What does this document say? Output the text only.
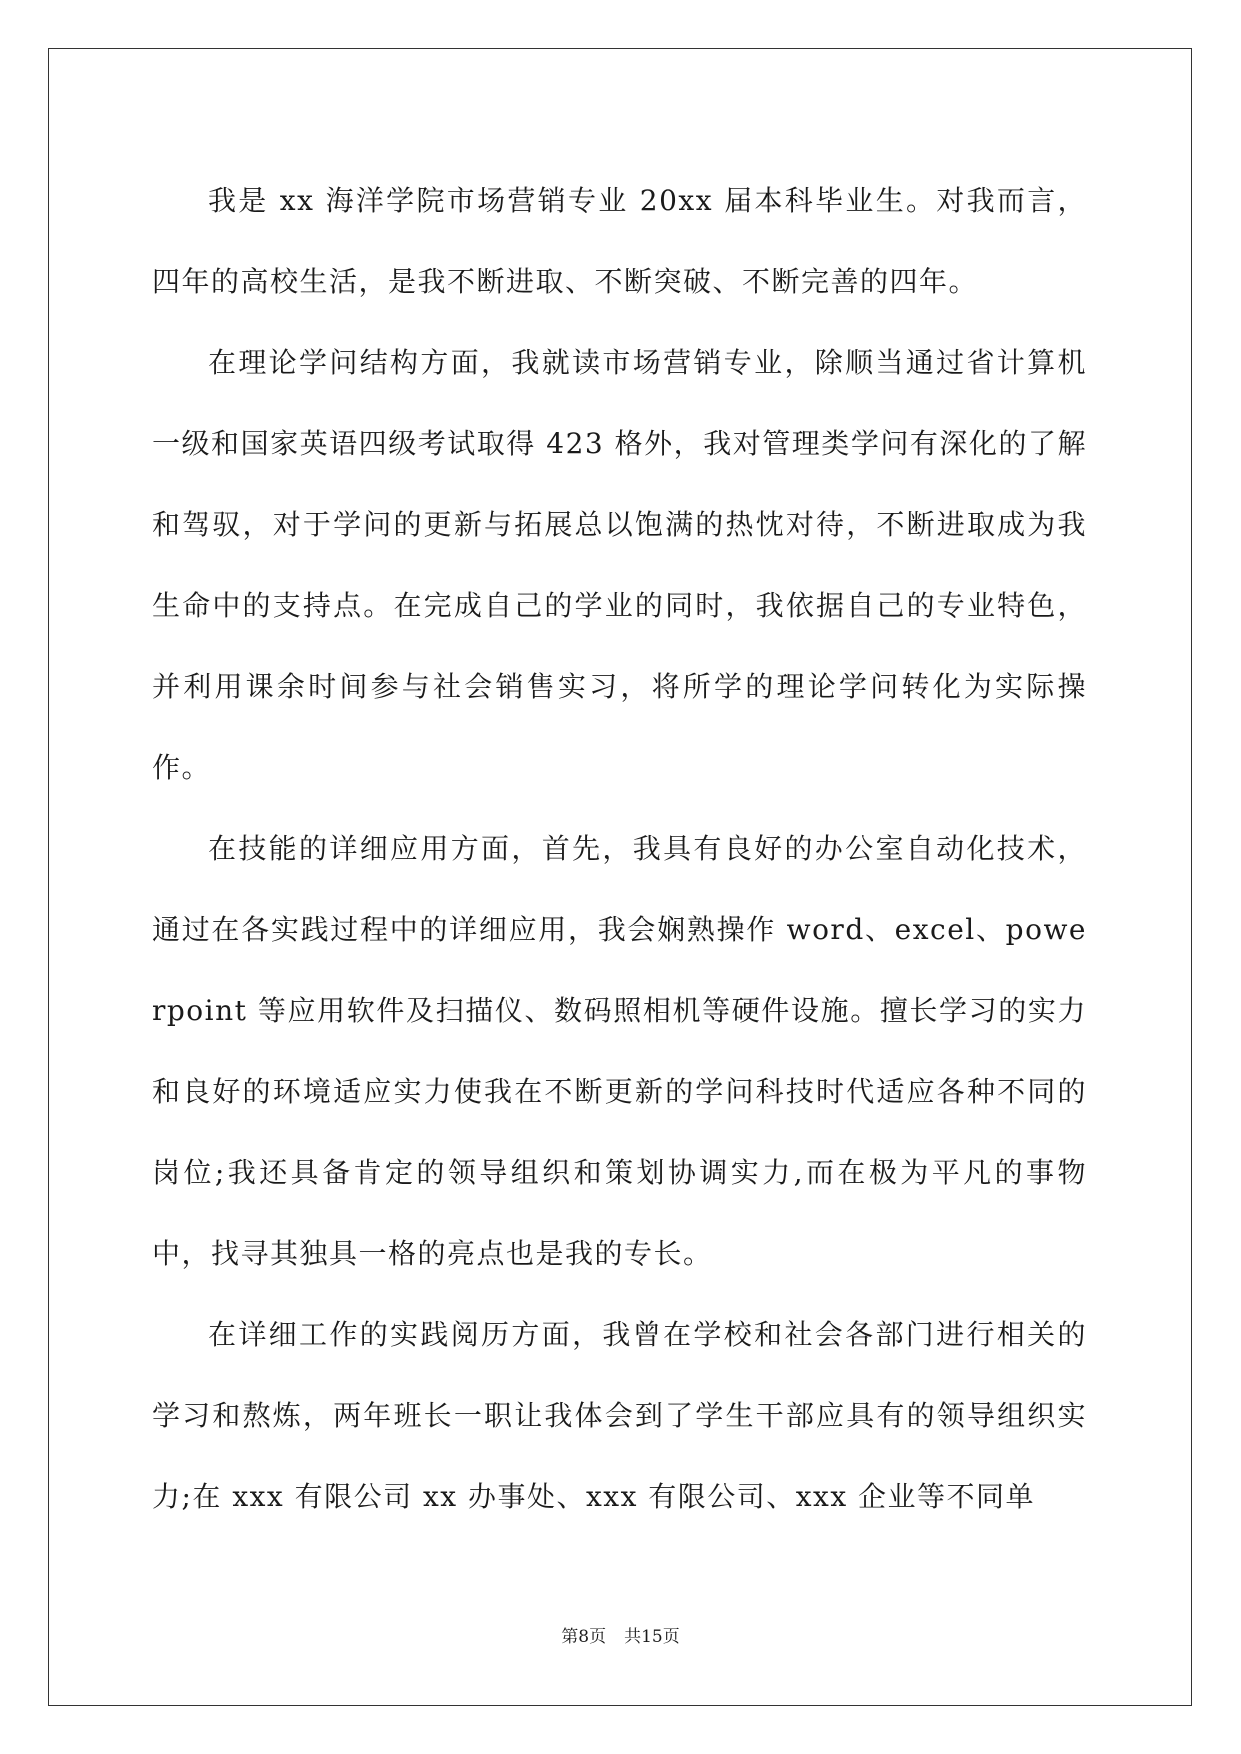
我是 xx 海洋学院市场营销专业 20xx 届本科毕业生。对我而言，四年的高校生活，是我不断进取、不断突破、不断完善的四年。

在理论学问结构方面，我就读市场营销专业，除顺当通过省计算机一级和国家英语四级考试取得 423 格外，我对管理类学问有深化的了解和驾驭，对于学问的更新与拓展总以饱满的热忱对待，不断进取成为我生命中的支持点。在完成自己的学业的同时，我依据自己的专业特色，并利用课余时间参与社会销售实习，将所学的理论学问转化为实际操作。

在技能的详细应用方面，首先，我具有良好的办公室自动化技术，通过在各实践过程中的详细应用，我会娴熟操作 word、excel、powerpoint 等应用软件及扫描仪、数码照相机等硬件设施。擅长学习的实力和良好的环境适应实力使我在不断更新的学问科技时代适应各种不同的岗位;我还具备肯定的领导组织和策划协调实力,而在极为平凡的事物中，找寻其独具一格的亮点也是我的专长。

在详细工作的实践阅历方面，我曾在学校和社会各部门进行相关的学习和熬炼，两年班长一职让我体会到了学生干部应具有的领导组织实力;在 xxx 有限公司 xx 办事处、xxx 有限公司、xxx 企业等不同单

第8页 共15页
